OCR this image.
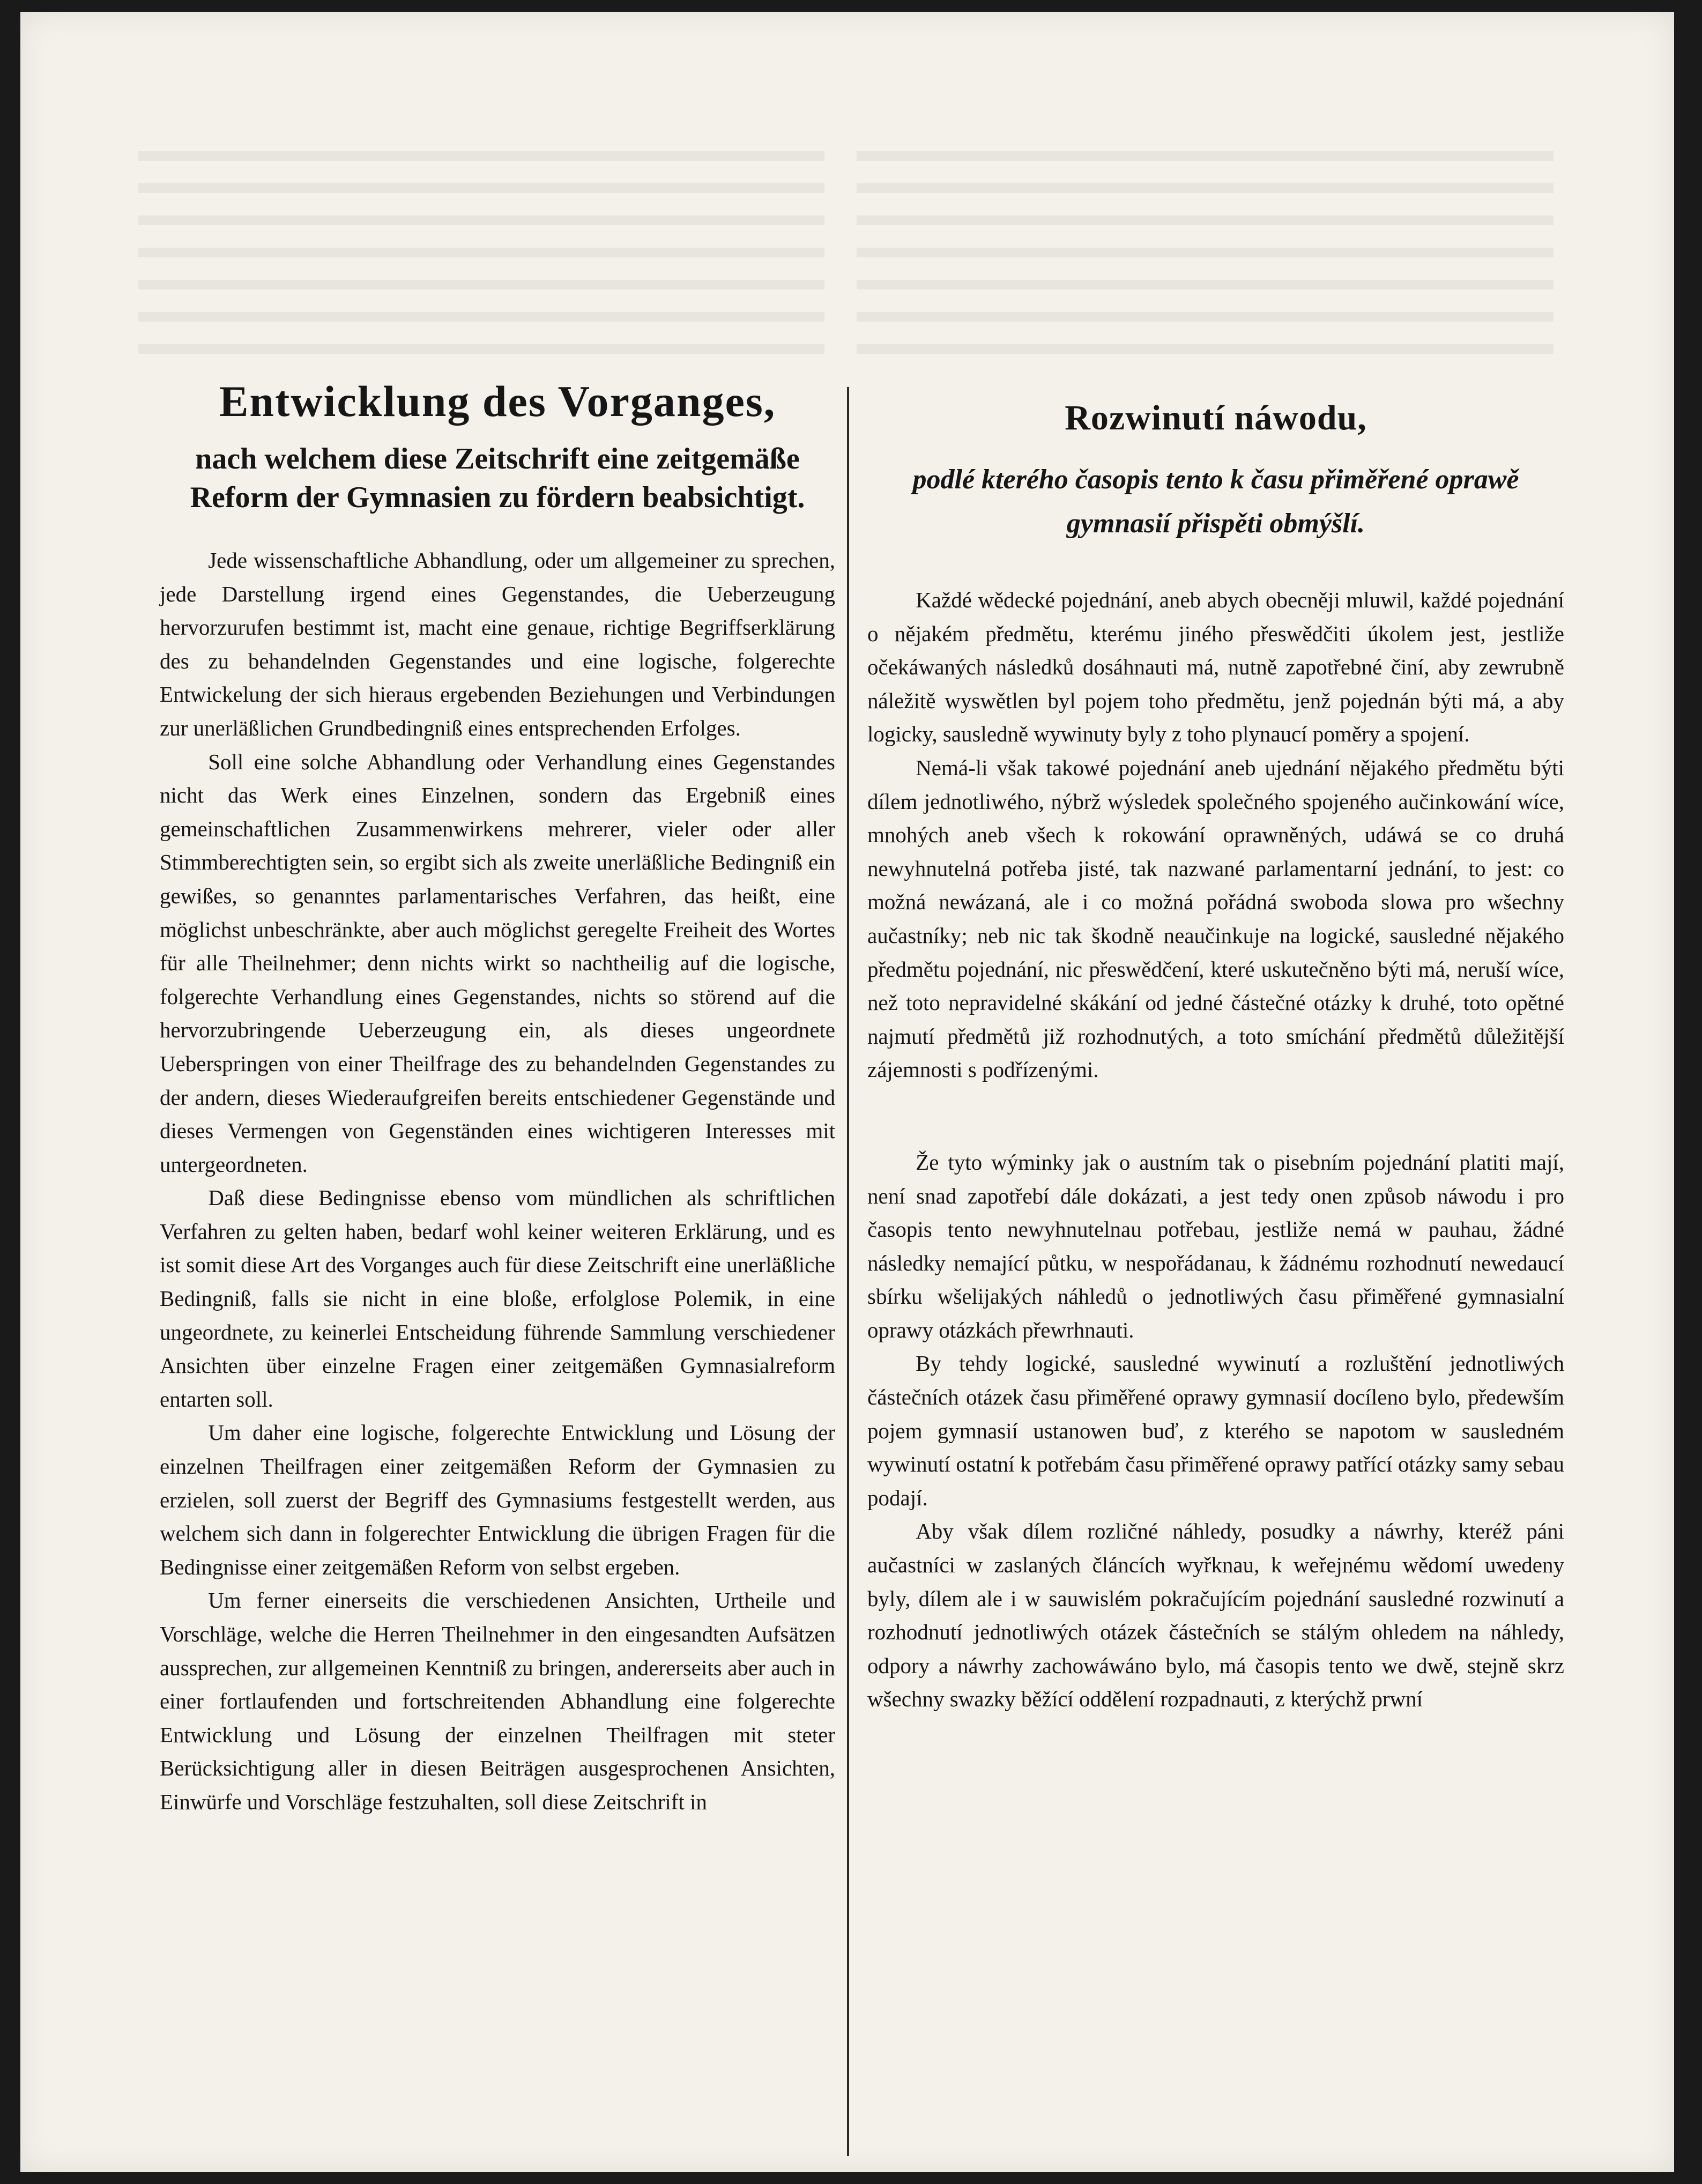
Entwicklung des Vorganges,
nach welchem diese Zeitschrift eine zeitgemäße Reform der Gymnasien zu fördern beabsichtigt.

Jede wissenschaftliche Abhandlung, oder um allgemeiner zu sprechen, jede Darstellung irgend eines Gegenstandes, die Ueberzeugung hervorzurufen bestimmt ist, macht eine genaue, richtige Begriffserklärung des zu behandelnden Gegenstandes und eine logische, folgerechte Entwickelung der sich hieraus ergebenden Beziehungen und Verbindungen zur unerläßlichen Grundbedingniß eines entsprechenden Erfolges.

Soll eine solche Abhandlung oder Verhandlung eines Gegenstandes nicht das Werk eines Einzelnen, sondern das Ergebniß eines gemeinschaftlichen Zusammenwirkens mehrerer, vieler oder aller Stimmberechtigten sein, so ergibt sich als zweite unerläßliche Bedingniß ein gewißes, so genanntes parlamentarisches Verfahren, das heißt, eine möglichst unbeschränkte, aber auch möglichst geregelte Freiheit des Wortes für alle Theilnehmer; denn nichts wirkt so nachtheilig auf die logische, folgerechte Verhandlung eines Gegenstandes, nichts so störend auf die hervorzubringende Ueberzeugung ein, als dieses ungeordnete Ueberspringen von einer Theilfrage des zu behandelnden Gegenstandes zu der andern, dieses Wiederaufgreifen bereits entschiedener Gegenstände und dieses Vermengen von Gegenständen eines wichtigeren Interesses mit untergeordneten.

Daß diese Bedingnisse ebenso vom mündlichen als schriftlichen Verfahren zu gelten haben, bedarf wohl keiner weiteren Erklärung, und es ist somit diese Art des Vorganges auch für diese Zeitschrift eine unerläßliche Bedingniß, falls sie nicht in eine bloße, erfolglose Polemik, in eine ungeordnete, zu keinerlei Entscheidung führende Sammlung verschiedener Ansichten über einzelne Fragen einer zeitgemäßen Gymnasialreform entarten soll.

Um daher eine logische, folgerechte Entwicklung und Lösung der einzelnen Theilfragen einer zeitgemäßen Reform der Gymnasien zu erzielen, soll zuerst der Begriff des Gymnasiums festgestellt werden, aus welchem sich dann in folgerechter Entwicklung die übrigen Fragen für die Bedingnisse einer zeitgemäßen Reform von selbst ergeben.

Um ferner einerseits die verschiedenen Ansichten, Urtheile und Vorschläge, welche die Herren Theilnehmer in den eingesandten Aufsätzen aussprechen, zur allgemeinen Kenntniß zu bringen, andererseits aber auch in einer fortlaufenden und fortschreitenden Abhandlung eine folgerechte Entwicklung und Lösung der einzelnen Theilfragen mit steter Berücksichtigung aller in diesen Beiträgen ausgesprochenen Ansichten, Einwürfe und Vorschläge festzuhalten, soll diese Zeitschrift in

Rozwinutí náwodu,
podlé kterého časopis tento k času přiměřené oprawě gymnasií přispěti obmýšlí.

Každé wědecké pojednání, aneb abych obecněji mluwil, každé pojednání o nějakém předmětu, kterému jiného přeswědčiti úkolem jest, jestliže očekáwaných následků dosáhnauti má, nutně zapotřebné činí, aby zewrubně náležitě wyswětlen byl pojem toho předmětu, jenž pojednán býti má, a aby logicky, sausledně wywinuty byly z toho plynaucí poměry a spojení.

Nemá-li však takowé pojednání aneb ujednání nějakého předmětu býti dílem jednotliwého, nýbrž wýsledek společného spojeného aučinkowání wíce, mnohých aneb všech k rokowání oprawněných, udáwá se co druhá newyhnutelná potřeba jisté, tak nazwané parlamentarní jednání, to jest: co možná newázaná, ale i co možná pořádná swoboda slowa pro wšechny aučastníky; neb nic tak škodně neaučinkuje na logické, sausledné nějakého předmětu pojednání, nic přeswědčení, které uskutečněno býti má, neruší wíce, než toto nepravidelné skákání od jedné částečné otázky k druhé, toto opětné najmutí předmětů již rozhodnutých, a toto smíchání předmětů důležitější zájemnosti s podřízenými.

Že tyto wýminky jak o austním tak o pisebním pojednání platiti mají, není snad zapotřebí dále dokázati, a jest tedy onen způsob náwodu i pro časopis tento newyhnutelnau potřebau, jestliže nemá w pauhau, žádné následky nemající půtku, w nespořádanau, k žádnému rozhodnutí newedaucí sbírku wšelijakých náhledů o jednotliwých času přiměřené gymnasialní oprawy otázkách přewrhnauti.

By tehdy logické, sausledné wywinutí a rozluštění jednotliwých částečních otázek času přiměřené oprawy gymnasií docíleno bylo, předewším pojem gymnasií ustanowen buď, z kterého se napotom w sausledném wywinutí ostatní k potřebám času přiměřené oprawy patřící otázky samy sebau podají.

Aby však dílem rozličné náhledy, posudky a náwrhy, kteréž páni aučastníci w zaslaných článcích wyřknau, k weřejnému wědomí uwedeny byly, dílem ale i w sauwislém pokračujícím pojednání sausledné rozwinutí a rozhodnutí jednotliwých otázek částečních se stálým ohledem na náhledy, odpory a náwrhy zachowáwáno bylo, má časopis tento we dwě, stejně skrz wšechny swazky běžící oddělení rozpadnauti, z kterýchž prwní
